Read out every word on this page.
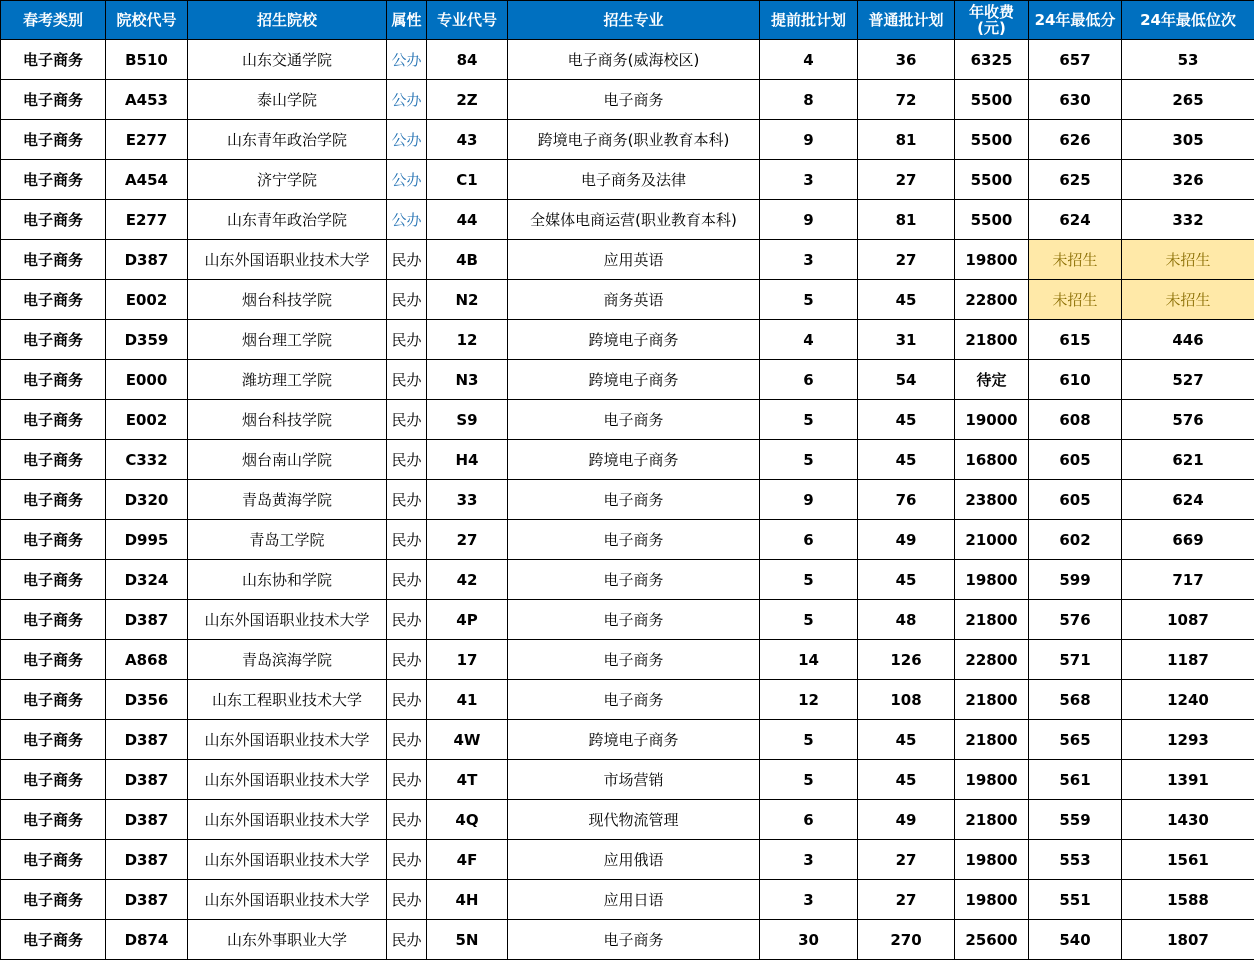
春考类别	院校代号	招生院校	属性	专业代号	招生专业	提前批计划	普通批计划	年收费
(元)	24年最低分	24年最低位次
电子商务	B510	山东交通学院	公办	84	电子商务(威海校区)	4	36	6325	657	53
电子商务	A453	泰山学院	公办	2Z	电子商务	8	72	5500	630	265
电子商务	E277	山东青年政治学院	公办	43	跨境电子商务(职业教育本科)	9	81	5500	626	305
电子商务	A454	济宁学院	公办	C1	电子商务及法律	3	27	5500	625	326
电子商务	E277	山东青年政治学院	公办	44	全媒体电商运营(职业教育本科)	9	81	5500	624	332
电子商务	D387	山东外国语职业技术大学	民办	4B	应用英语	3	27	19800	未招生	未招生
电子商务	E002	烟台科技学院	民办	N2	商务英语	5	45	22800	未招生	未招生
电子商务	D359	烟台理工学院	民办	12	跨境电子商务	4	31	21800	615	446
电子商务	E000	潍坊理工学院	民办	N3	跨境电子商务	6	54	待定	610	527
电子商务	E002	烟台科技学院	民办	S9	电子商务	5	45	19000	608	576
电子商务	C332	烟台南山学院	民办	H4	跨境电子商务	5	45	16800	605	621
电子商务	D320	青岛黄海学院	民办	33	电子商务	9	76	23800	605	624
电子商务	D995	青岛工学院	民办	27	电子商务	6	49	21000	602	669
电子商务	D324	山东协和学院	民办	42	电子商务	5	45	19800	599	717
电子商务	D387	山东外国语职业技术大学	民办	4P	电子商务	5	48	21800	576	1087
电子商务	A868	青岛滨海学院	民办	17	电子商务	14	126	22800	571	1187
电子商务	D356	山东工程职业技术大学	民办	41	电子商务	12	108	21800	568	1240
电子商务	D387	山东外国语职业技术大学	民办	4W	跨境电子商务	5	45	21800	565	1293
电子商务	D387	山东外国语职业技术大学	民办	4T	市场营销	5	45	19800	561	1391
电子商务	D387	山东外国语职业技术大学	民办	4Q	现代物流管理	6	49	21800	559	1430
电子商务	D387	山东外国语职业技术大学	民办	4F	应用俄语	3	27	19800	553	1561
电子商务	D387	山东外国语职业技术大学	民办	4H	应用日语	3	27	19800	551	1588
电子商务	D874	山东外事职业大学	民办	5N	电子商务	30	270	25600	540	1807
